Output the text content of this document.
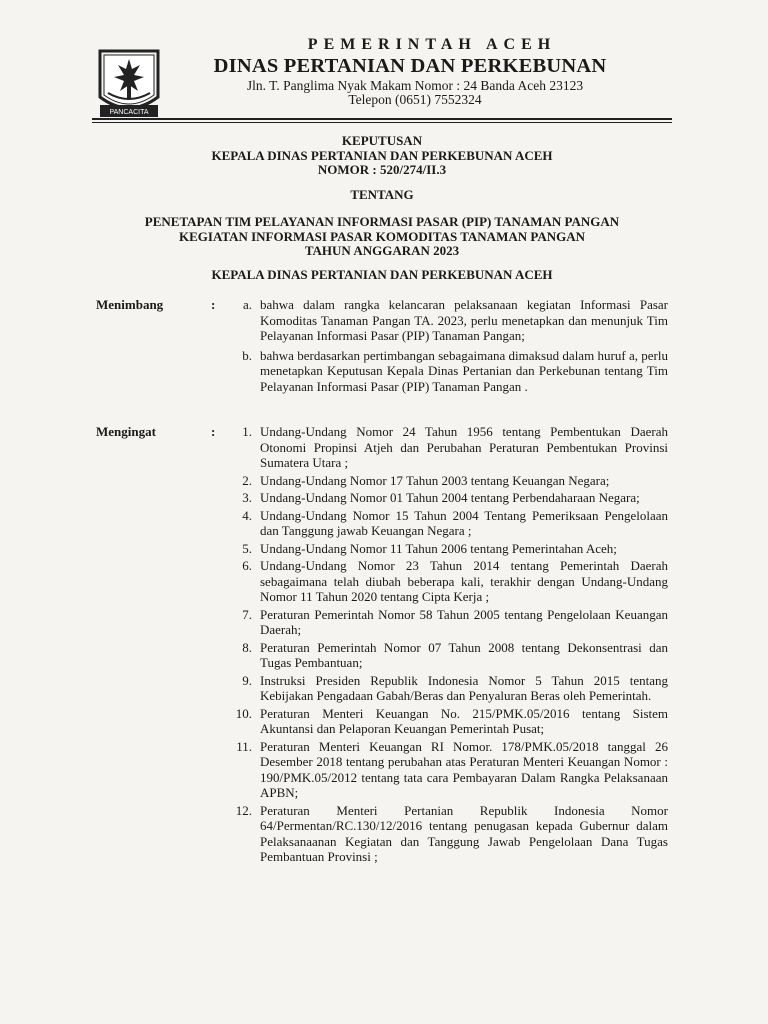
PANCACITA
PEMERINTAH ACEH
DINAS PERTANIAN DAN PERKEBUNAN
Jln. T. Panglima Nyak Makam Nomor : 24 Banda Aceh 23123
Telepon (0651) 7552324
KEPUTUSAN
KEPALA DINAS PERTANIAN DAN PERKEBUNAN ACEH
NOMOR : 520/274/II.3
TENTANG
PENETAPAN TIM PELAYANAN INFORMASI PASAR (PIP) TANAMAN PANGAN
KEGIATAN INFORMASI PASAR KOMODITAS TANAMAN PANGAN
TAHUN ANGGARAN 2023
KEPALA DINAS PERTANIAN DAN PERKEBUNAN ACEH
Menimbang	:	a. bahwa dalam rangka kelancaran pelaksanaan kegiatan Informasi Pasar Komoditas Tanaman Pangan TA. 2023, perlu menetapkan dan menunjuk Tim Pelayanan Informasi Pasar (PIP) Tanaman Pangan;
b. bahwa berdasarkan pertimbangan sebagaimana dimaksud dalam huruf a, perlu menetapkan Keputusan Kepala Dinas Pertanian dan Perkebunan tentang Tim Pelayanan Informasi Pasar (PIP) Tanaman Pangan .
Mengingat	:	1. Undang-Undang Nomor 24 Tahun 1956 tentang Pembentukan Daerah Otonomi Propinsi Atjeh dan Perubahan Peraturan Pembentukan Provinsi Sumatera Utara ;
2. Undang-Undang Nomor 17 Tahun 2003 tentang Keuangan Negara;
3. Undang-Undang Nomor 01 Tahun 2004 tentang Perbendaharaan Negara;
4. Undang-Undang Nomor 15 Tahun 2004 Tentang Pemeriksaan Pengelolaan dan Tanggung jawab Keuangan Negara ;
5. Undang-Undang Nomor 11 Tahun 2006 tentang Pemerintahan Aceh;
6. Undang-Undang Nomor 23 Tahun 2014 tentang Pemerintah Daerah sebagaimana telah diubah beberapa kali, terakhir dengan Undang-Undang Nomor 11 Tahun 2020 tentang Cipta Kerja ;
7. Peraturan Pemerintah Nomor 58 Tahun 2005 tentang Pengelolaan Keuangan Daerah;
8. Peraturan Pemerintah Nomor 07 Tahun 2008 tentang Dekonsentrasi dan Tugas Pembantuan;
9. Instruksi Presiden Republik Indonesia Nomor 5 Tahun 2015 tentang Kebijakan Pengadaan Gabah/Beras dan Penyaluran Beras oleh Pemerintah.
10. Peraturan Menteri Keuangan No. 215/PMK.05/2016 tentang Sistem Akuntansi dan Pelaporan Keuangan Pemerintah Pusat;
11. Peraturan Menteri Keuangan RI Nomor. 178/PMK.05/2018 tanggal 26 Desember 2018 tentang perubahan atas Peraturan Menteri Keuangan Nomor : 190/PMK.05/2012 tentang tata cara Pembayaran Dalam Rangka Pelaksanaan APBN;
12. Peraturan Menteri Pertanian Republik Indonesia Nomor 64/Permentan/RC.130/12/2016 tentang penugasan kepada Gubernur dalam Pelaksanaanan Kegiatan dan Tanggung Jawab Pengelolaan Dana Tugas Pembantuan Provinsi ;
